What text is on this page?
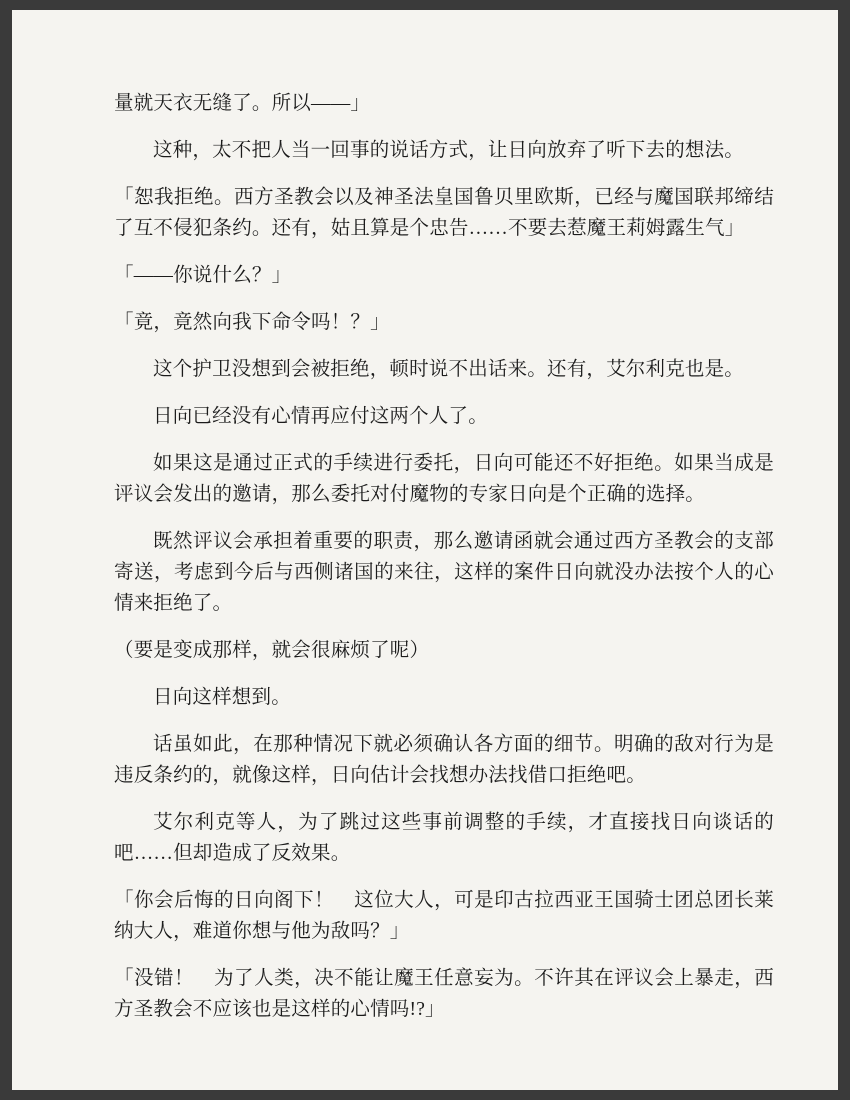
量就天衣无缝了。所以——」

这种，太不把人当一回事的说话方式，让日向放弃了听下去的想法。

「恕我拒绝。西方圣教会以及神圣法皇国鲁贝里欧斯，已经与魔国联邦缔结了互不侵犯条约。还有，姑且算是个忠告……不要去惹魔王莉姆露生气」

「——你说什么？」

「竟，竟然向我下命令吗！？」

这个护卫没想到会被拒绝，顿时说不出话来。还有，艾尔利克也是。

日向已经没有心情再应付这两个人了。

如果这是通过正式的手续进行委托，日向可能还不好拒绝。如果当成是评议会发出的邀请，那么委托对付魔物的专家日向是个正确的选择。

既然评议会承担着重要的职责，那么邀请函就会通过西方圣教会的支部寄送，考虑到今后与西侧诸国的来往，这样的案件日向就没办法按个人的心情来拒绝了。

（要是变成那样，就会很麻烦了呢）

日向这样想到。

话虽如此，在那种情况下就必须确认各方面的细节。明确的敌对行为是违反条约的，就像这样，日向估计会找想办法找借口拒绝吧。

艾尔利克等人，为了跳过这些事前调整的手续，才直接找日向谈话的吧……但却造成了反效果。

「你会后悔的日向阁下！　这位大人，可是印古拉西亚王国骑士团总团长莱纳大人，难道你想与他为敌吗？」

「没错！　为了人类，决不能让魔王任意妄为。不许其在评议会上暴走，西方圣教会不应该也是这样的心情吗!?」
